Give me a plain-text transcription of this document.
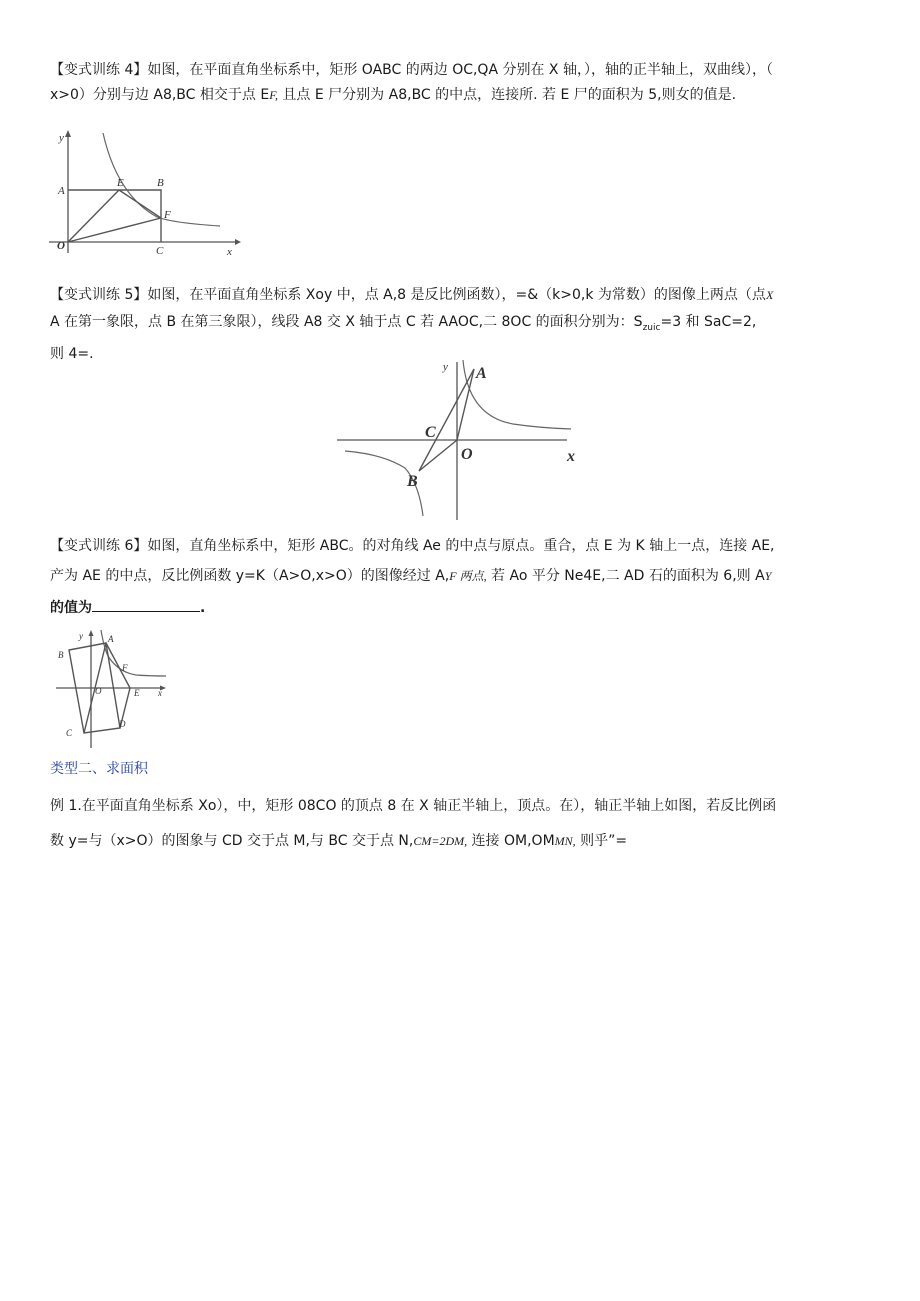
【变式训练 4】如图，在平面直角坐标系中，矩形 OABC 的两边 OC,QA 分别在 X 轴，），轴的正半轴上，双曲线），（
x>0）分别与边 A8,BC 相交于点 EF, 且点 E 尸分别为 A8,BC 的中点，连接所. 若 E 尸的面积为 5,则女的值是.
y
x
O
A
E	B
F
C
【变式训练 5】如图，在平面直角坐标系 Xoy 中，点 A,8 是反比例函数），=&（k>0,k 为常数）的图像上两点（点X
A 在第一象限，点 B 在第三象限），线段 A8 交 X 轴于点 C 若 AAOC,二 8OC 的面积分别为：$S_{zuic}=3$ 和 SaC=2,
则 4=.
y A
C
O	x
B
【变式训练 6】如图，直角坐标系中，矩形 ABC。的对角线 Ae 的中点与原点。重合，点 E 为 K 轴上一点，连接 AE,
产为 AE 的中点，反比例函数 y=K（A>O,x>O）的图像经过 A,F 两点, 若 Ao 平分 Ne4E,二 AD 石的面积为 6,则 AY
的值为	.
y	A
B
F
O	E x
C
D
类型二、求面积
例 1.在平面直角坐标系 Xo），中，矩形 08CO 的顶点 8 在 X 轴正半轴上，顶点。在），轴正半轴上如图，若反比例函
数 y=与（x>O）的图象与 CD 交于点 M,与 BC 交于点 N,CM=2DM, 连接 OM,OMMN, 则乎”=
